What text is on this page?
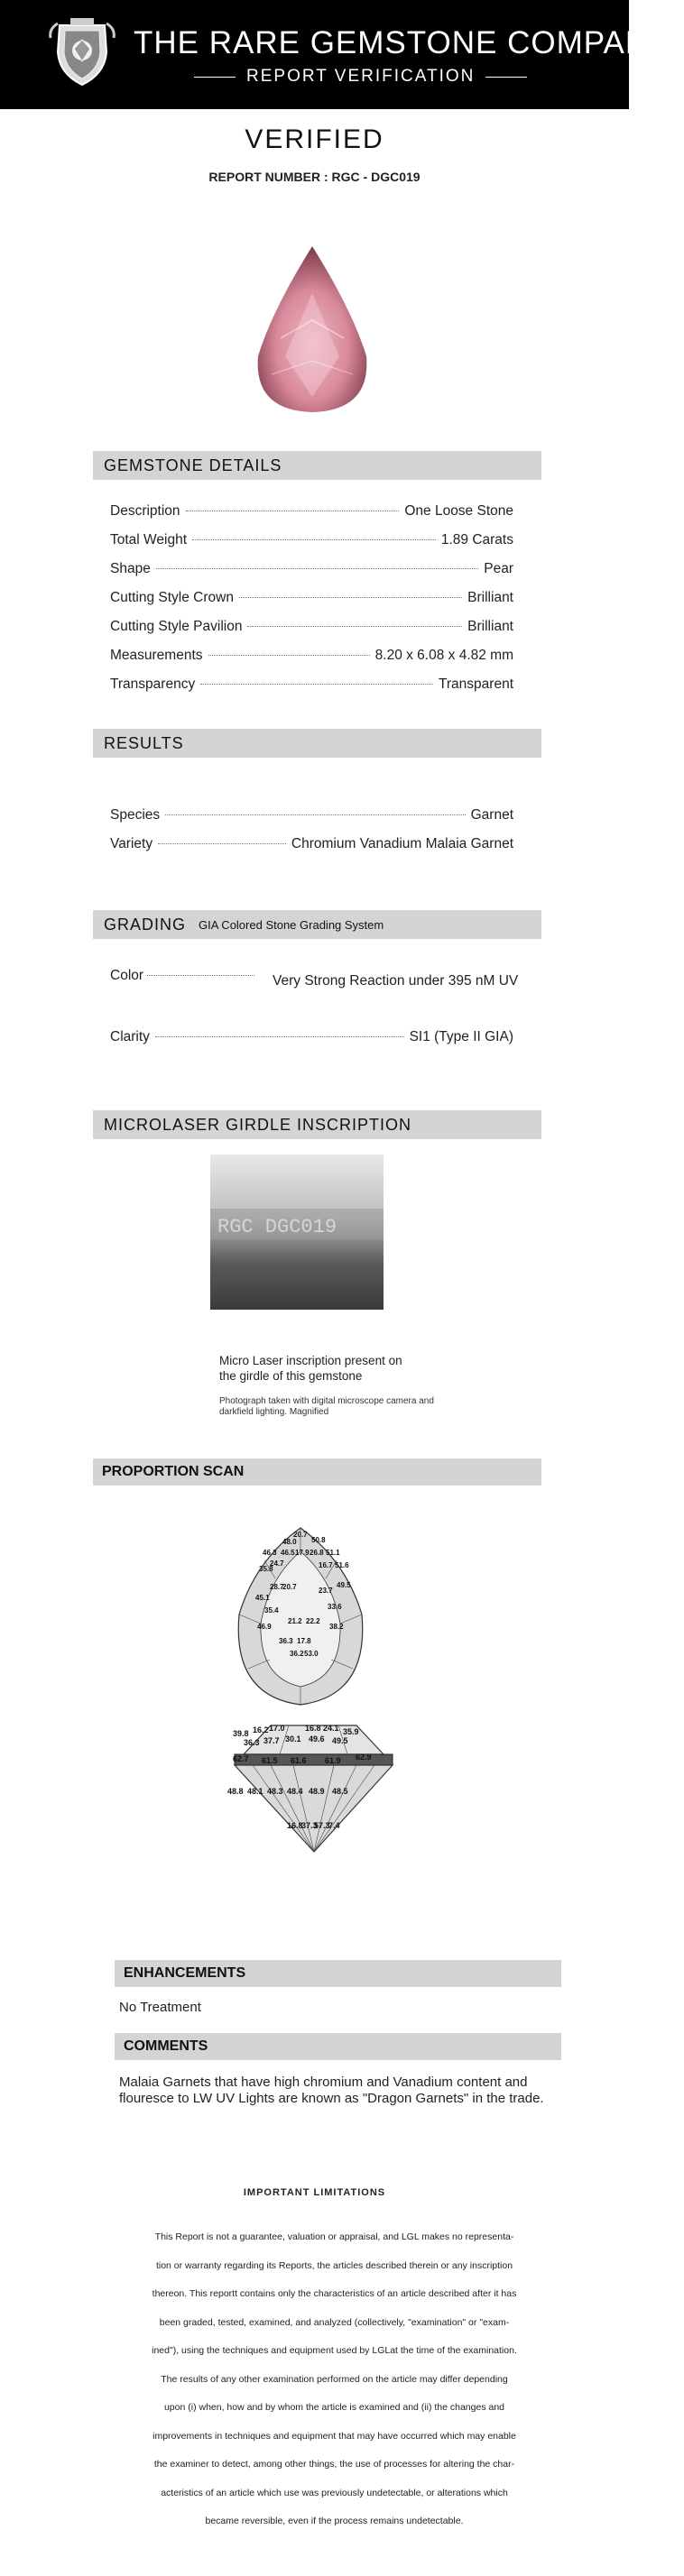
THE RARE GEMSTONE COMPANY ™
REPORT VERIFICATION
VERIFIED
REPORT NUMBER : RGC - DGC019
GEMSTONE DETAILS
Description	One Loose Stone
Total Weight	1.89 Carats
Shape	Pear
Cutting Style Crown	Brilliant
Cutting Style Pavilion	Brilliant
Measurements	8.20 x 6.08 x 4.82 mm
Transparency	Transparent
RESULTS
Species	Garnet
Variety	Chromium Vanadium Malaia Garnet
GRADING GIA Colored Stone Grading System
Color	Very Strong Reaction under 395 nM UV
Clarity	SI1 (Type II GIA)
MICROLASER GIRDLE INSCRIPTION
RGC DGC019
Micro Laser inscription present on the girdle of this gemstone
Photograph taken with digital microscope camera and darkfield lighting. Magnified
PROPORTION SCAN
48.0
20.7
50.8
46.3 46.5 17.9 26.8 51.1
16.7 51.6
35.8
24.7
28.7
20.7	23.7
33.6
35.4
21.2 22.2
46.9
36.3 17.8
45.1
49.5
38.2
36.2 53.0
39.8 16.2 17.0 16.8 24.1 35.9
36.3 37.7 30.1 49.6 49.5
61.9
61.6
61.5
62.7	62.9
48.8 48.1 48.3 48.4 48.9 48.5
16.8
37.3
57.3
7.4
ENHANCEMENTS
No Treatment
COMMENTS
Malaia Garnets that have high chromium and Vanadium content and flouresce to LW UV Lights are known as "Dragon Garnets" in the trade.
IMPORTANT LIMITATIONS
This Report is not a guarantee, valuation or appraisal, and LGL makes no representa-
tion or warranty regarding its Reports, the articles described therein or any inscription
thereon. This reportt contains only the characteristics of an article described after it has
been graded, tested, examined, and analyzed (collectively, "examination" or "exam-
ined"), using the techniques and equipment used by LGLat the time of the examination.
The results of any other examination performed on the article may differ depending
upon (i) when, how and by whom the article is examined and (ii) the changes and
improvements in techniques and equipment that may have occurred which may enable
the examiner to detect, among other things, the use of processes for altering the char-
acteristics of an article which use was previously undetectable, or alterations which
became reversible, even if the process remains undetectable.
